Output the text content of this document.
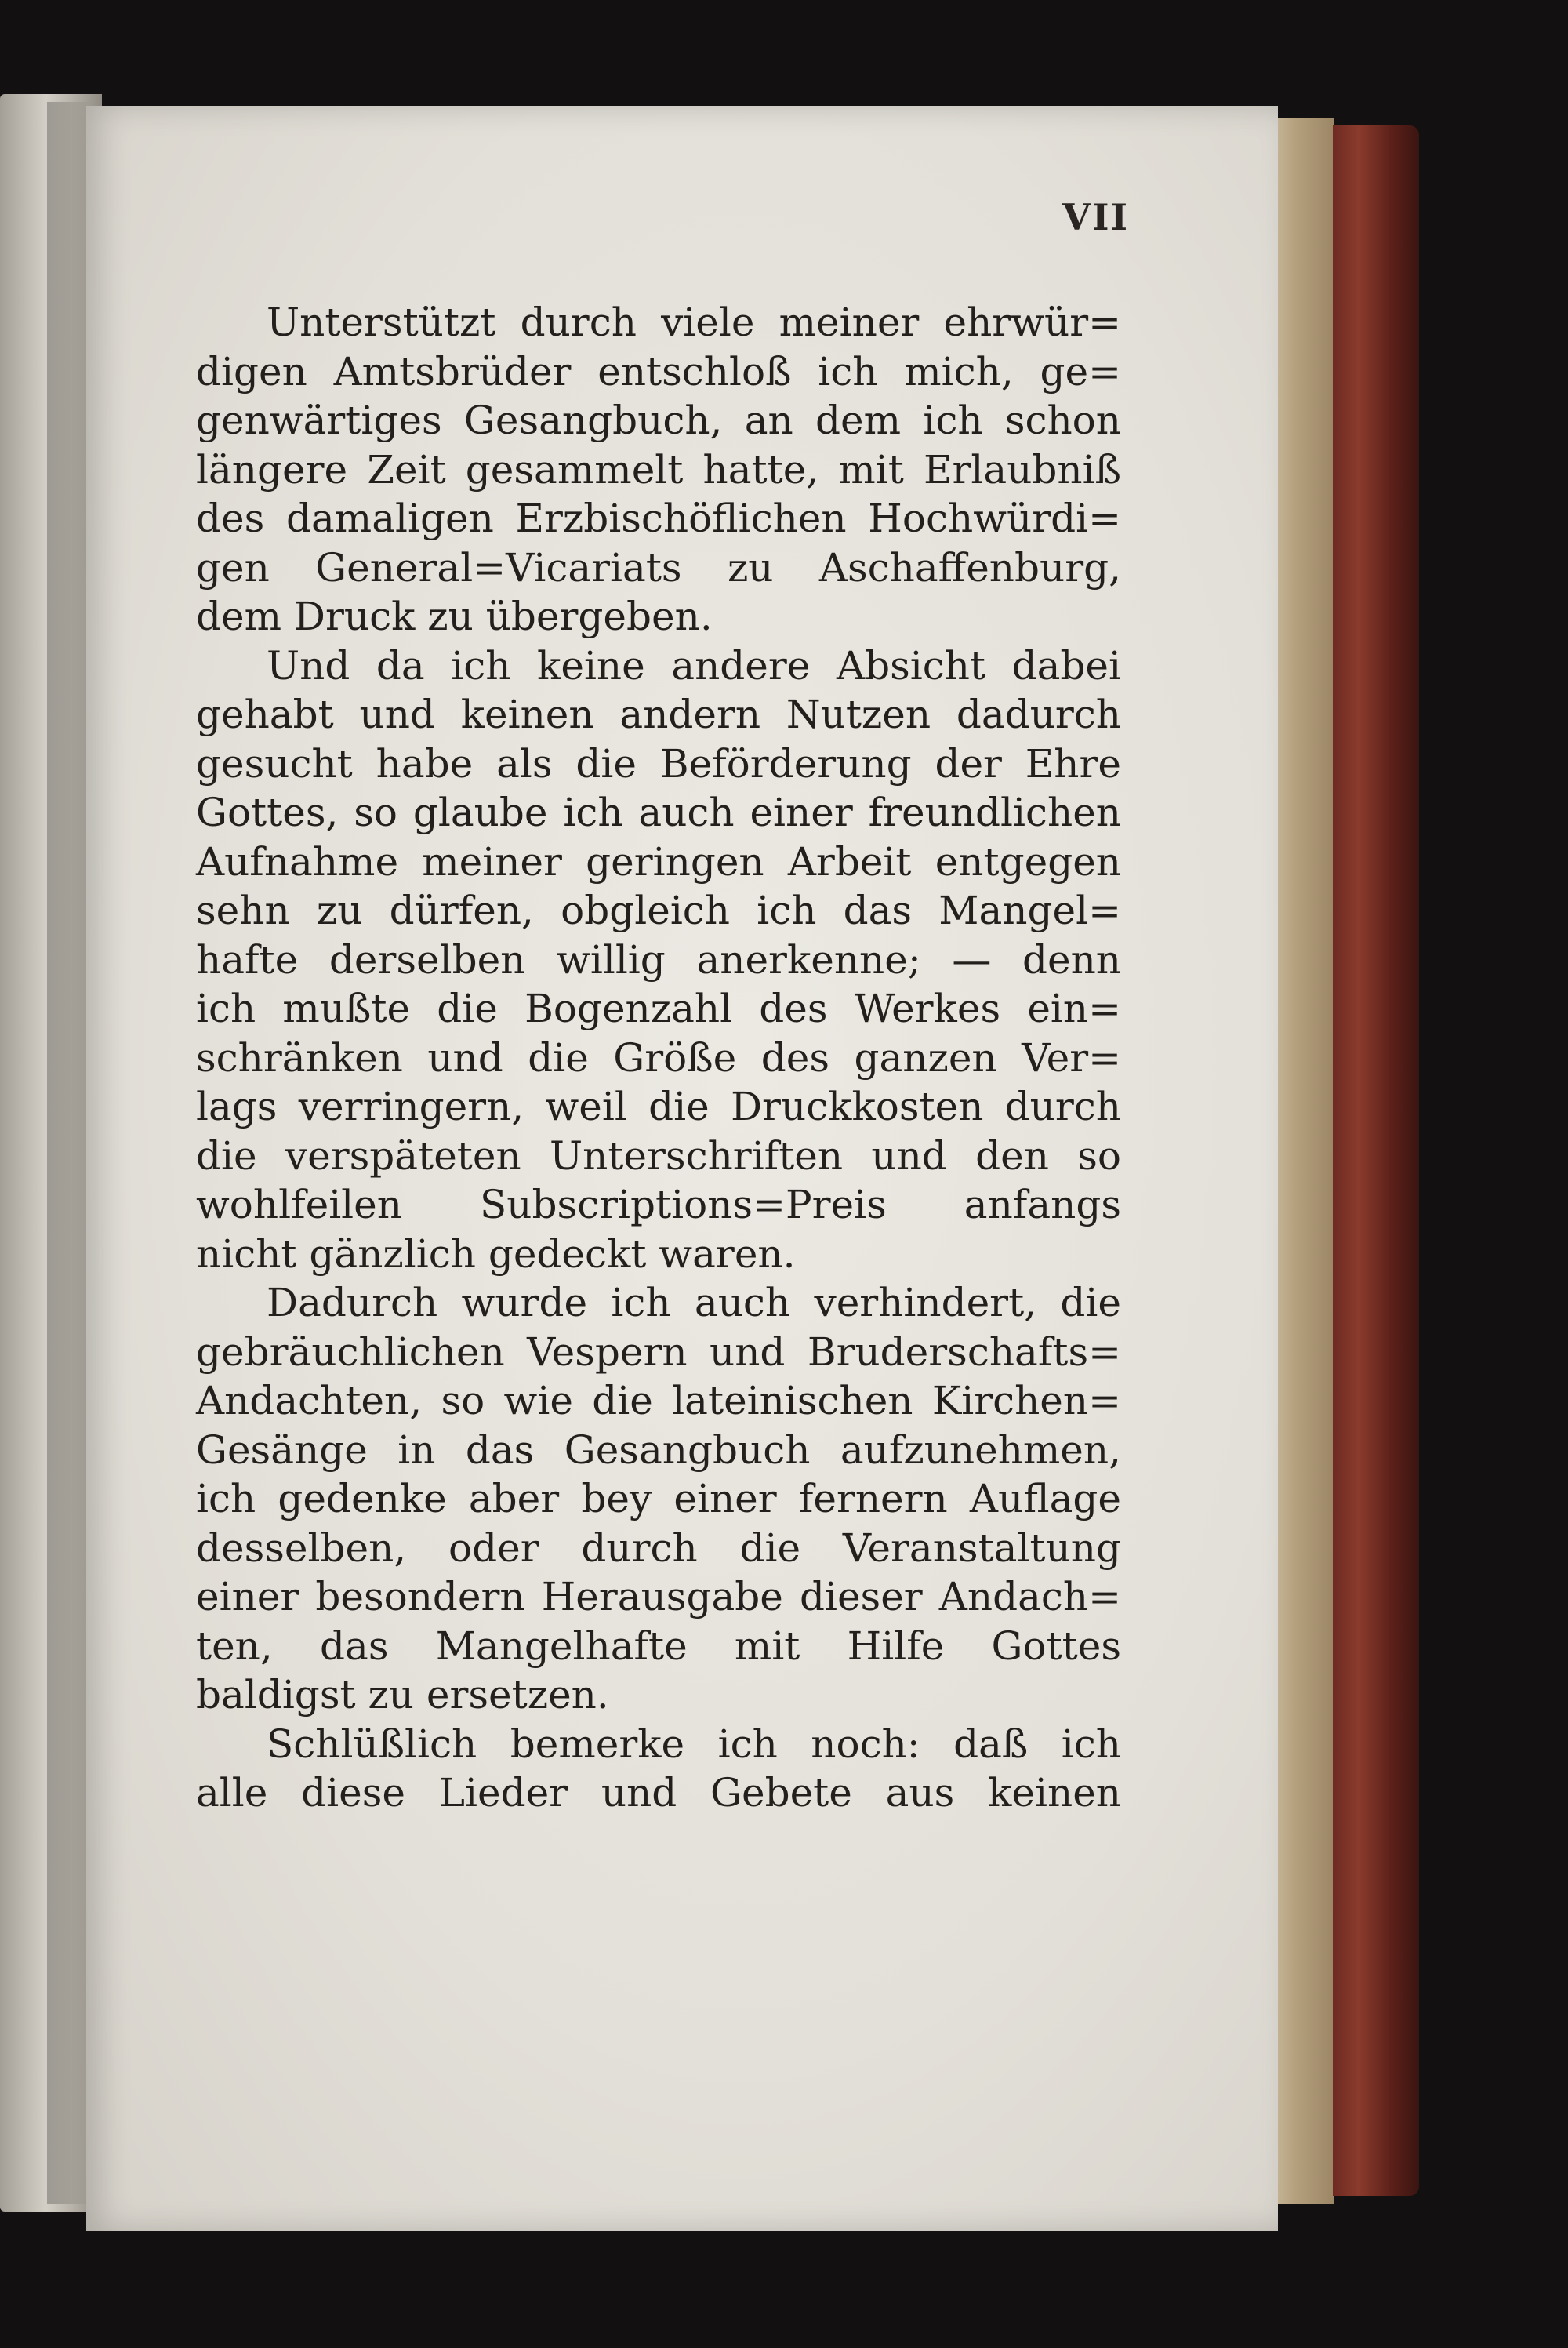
VII

Unterstützt durch viele meiner ehrwür=
digen Amtsbrüder entschloß ich mich, ge=
genwärtiges Gesangbuch, an dem ich schon
längere Zeit gesammelt hatte, mit Erlaubniß
des damaligen Erzbischöflichen Hochwürdi=
gen General=Vicariats zu Aschaffenburg,
dem Druck zu übergeben.

Und da ich keine andere Absicht dabei
gehabt und keinen andern Nutzen dadurch
gesucht habe als die Beförderung der Ehre
Gottes, so glaube ich auch einer freundlichen
Aufnahme meiner geringen Arbeit entgegen
sehn zu dürfen, obgleich ich das Mangel=
hafte derselben willig anerkenne; — denn
ich mußte die Bogenzahl des Werkes ein=
schränken und die Größe des ganzen Ver=
lags verringern, weil die Druckkosten durch
die verspäteten Unterschriften und den so
wohlfeilen Subscriptions=Preis anfangs
nicht gänzlich gedeckt waren.

Dadurch wurde ich auch verhindert, die
gebräuchlichen Vespern und Bruderschafts=
Andachten, so wie die lateinischen Kirchen=
Gesänge in das Gesangbuch aufzunehmen,
ich gedenke aber bey einer fernern Auflage
desselben, oder durch die Veranstaltung
einer besondern Herausgabe dieser Andach=
ten, das Mangelhafte mit Hilfe Gottes
baldigst zu ersetzen.

Schlüßlich bemerke ich noch: daß ich
alle diese Lieder und Gebete aus keinen
